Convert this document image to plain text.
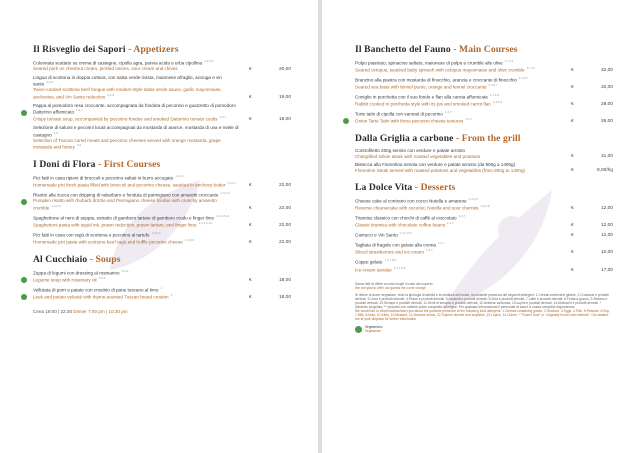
Il Risveglio dei Sapori - Appetizers
Colonnata scattato su crema di castagne, cipolla agra, panna acida e erba cipollina $^{1,3,5,9}$
Seared pork on chestnut cream, pickled onions, sour cream and chives	€	20,00
Lingua di scottona in doppia cottura, con salsa verde rivista, maionese all’aglio, acciuga e vin santo $^{3,4,9}$
Twice-cooked scottona beef tongue with modern-style salsa verde sauce, garlic mayonnaise, anchovies, and Vin Santo reduction $^{3,4,9}$
€	19,00
Pappa al pomodoro resa croccante, accompagnata da fonduta di pecorino e guazzetto di pomodoro Datterino affumicato $^{1,3,7}$
Crispy tomato soup, accompanied by pecorino fondue and smoked Datterino tomato coulis $^{1,3,7}$
€	18,00
Selezione di salumi e pecorini locali accompagnati da mostarda di arance, mostarda di uva e miele di castagno $^{3,9}$
Selection of Tuscan cured meats and pecorino cheeses served with orange mostarda, grape mostarda and honey $^{3,9}$
I Doni di Flora - First Courses
Pici fatti in casa ripieni di broccoli e pecorino saltati in burro accugato $^{1,3,4,7}$
Homemade pici fresh pasta filled with broccoli and pecorino cheese, sautéed in anchovy butter $^{1,3,4,7}$
€	22,00
Risotto alla zucca con dripping di rabarbaro e fonduta di parmigiano con amaretti croccante $^{1,3,6,9}$
Pumpkin risotto with rhubarb drizzle and Parmigiano cheese fondue with crunchy amaretto crumble $^{1,3,6,9}$
€	22,00
Spaghettone al nero di seppia, estratto di gambero tartare di gambero crudo e finger lime $^{1,2,3,6,14}$
Spaghettoni pasta with squid ink, prawn reduction, prawn tartare, and finger lime $^{1,2,3,6,14}$
€	22,00
Pici fatti in casa con ragù di scottona e pecorino al tartufo $^{1,3,6,9}$
Homemade pici pasta with scottona beef ragù and truffle pecorino cheese $^{1,3,6,9}$
€	22,00
Al Cucchiaio - Soups
Zuppa di legumi con dressing al rosmarino $^{3,6,9}$
Legume soup with rosemary oil $^{3,6,9}$
€	18,00
Vellutata di porri e patate con crostino di pane toscano al timo $^1$
Leek and potato velouté with thyme-scented Tuscan bread crouton $^1$
€	18,00
Cena 19:00 | 22:30 Dinner 7:00 pm | 10:30 pm
Il Banchetto del Fauno - Main Courses
Polpo piastrato, spinacino saltato, maionese di polpo e crumble alle olive $^{3,7,14}$
Seared octopus, sautéed baby spinach with octopus mayonnaise and olive crumble $^{3,7,14}$
€	32,00
Branzino alla piastra con mostarda di finocchio, arancia e croccante di finocchio $^{1,4,6,7}$
Seared sea bass with fennel purée, orange and fennel croccante $^{1,4,6,7}$
€	32,00
Coniglio in porchetta con il suo fondo e flan alla carota affumicata $^{1,3,6,9}$
Rabbit cooked in porchetta style with its jus and smoked carrot flan $^{1,3,6,9}$
€	28,00
Torte tatin di cipolla con vannati di pecorino $^{1,3,7}$
Onion Tarte Tatin with three pecorino cheese textures $^{1,3,7}$
€	26,00
Dalla Griglia a carbone - From the grill
Controfiletto 200g servito con verdure e patate arrosto
Chargrilled sirloin steak with roasted vegetables and potatoes	€	31,00
Bistecca alla Fiorentina servita con verdure e patate arrosto (da 900g a 1400g)
Florentine Steak served with roasted potatoes and vegetables (from 900g to 1400g)	€	8,00/hg
La Dolce Vita - Desserts
Cheese cake al contrario con cocco Nutella e amarene $^{1,3,6,8}$
Reverse cheesecake with coconut, Nutella and sour cherries $^{1,3,6,8}$
€	12,00
Tiramisu classico con chicchi di caffè al cioccolato $^{1,3,7}$
Classic tiramisu with chocolate coffee beans $^{1,3,7}$
€	12,00
Cantucci e Vin Santo $^{1,3,7,8,9}$
€	12,00
Tagliata di fragole con gelato alla crema $^{1,3,7}$
Sliced strawberries and ice cream $^{1,3,7}$
€	10,00
Coppe gelato $^{1,3,7,8,9}$
Ice-cream sundae $^{1,3,7,8,9}$
€	17,00

Siamo lieti di offrire ai nostri ospiti il costo del coperto.
We are glad to offer our guests the cover charge.

Si ritiene di dover segnalare, visto la tipologia di attività e la struttura del locale, la possibile presenza dei seguenti allergeni: 1.Cereali contenenti glutine, 2.Crostacei e prodotti derivati, 3.Uova e prodotti derivati, 4.Pesce e prodotti derivati, 5.Arachidi e prodotti derivati, 6.Soia e prodotti derivati, 7.Latte e prodotti derivati, 8.Frutta a guscio, 9.Sedano e prodotti derivati, 10.Senape e prodotti derivati, 11.Semi di sesamo e prodotti derivati, 12.Anidride solforosa, 13.Lupini e prodotti derivati, 14.Molluschi e prodotti derivati. * Alimento surgelato; ** prodotto con materie prime congelate all'origine. Per qualsiasi informazione il personale di sala è a vostra completa disposizione.
We would like to inform/advise/warn you about the possible presence of the following food allergens: 1.Cereals containing gluten, 2.Seafood, 3.Eggs, 4.Fish, 5.Peanuts, 6.Soy, 7.Milk, 8.Nuts, 9.Celery, 10.Mustard, 11.Sesame seeds, 12.Sulphur dioxide and sulphites, 13.Lupins, 14.Clams. * "Frozen food" or "originally frozen raw material". Our waiters are at your disposal for further information.

Vegetariano
Vegetarian
